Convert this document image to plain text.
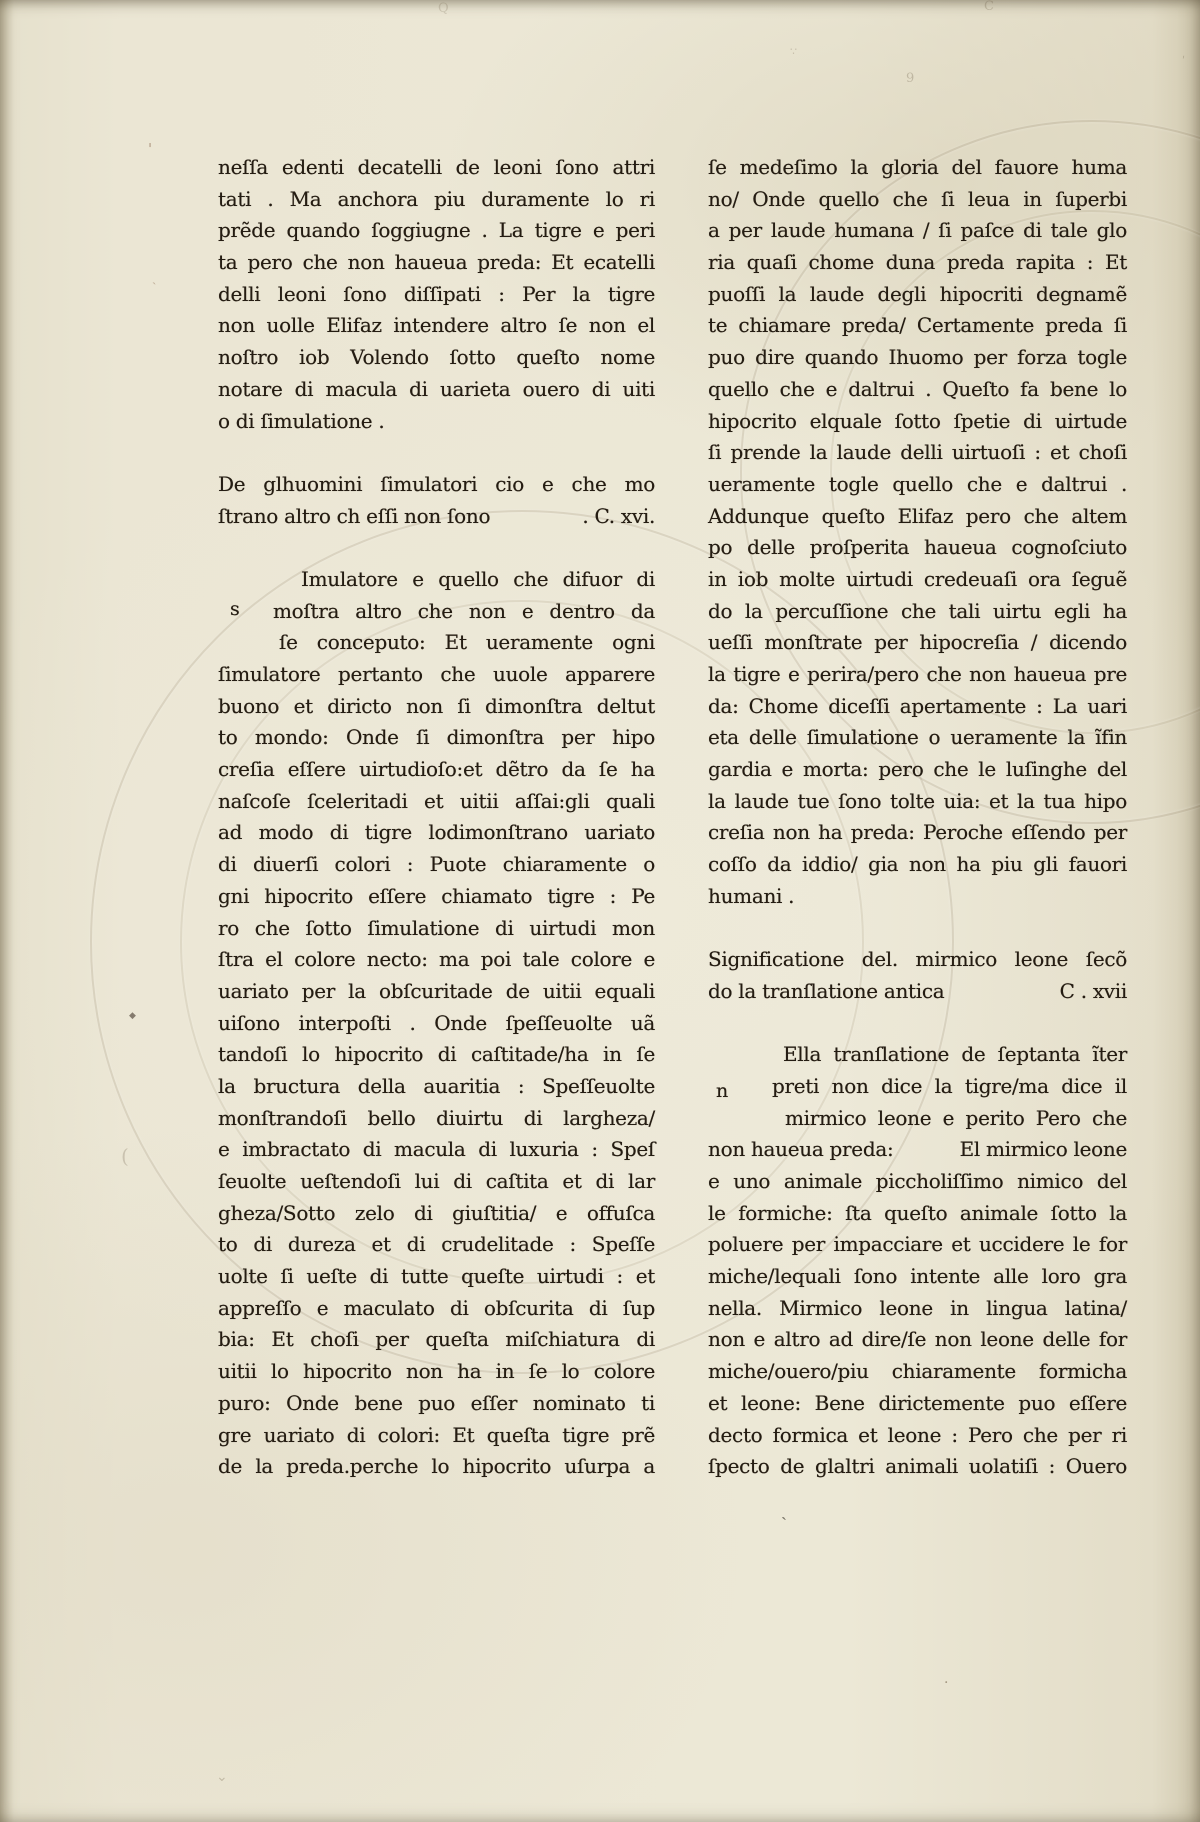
neſſa edenti decatelli de leoni ſono attri
tati . Ma anchora piu duramente lo ri
prẽde quando ſoggiugne . La tigre e peri
ta pero che non haueua preda: Et ecatelli
delli leoni ſono diſſipati : Per la tigre
non uolle Elifaz intendere altro ſe non el
noſtro iob Volendo ſotto queſto nome
notare di macula di uarieta ouero di uiti
o di ſimulatione .

De glhuomini ſimulatori cio e che mo
ſtrano altro ch eſſi non ſono	. C. xvi.

Imulatore e quello che difuor di
moſtra altro che non e dentro da
ſe conceputo: Et ueramente ogni
ſimulatore pertanto che uuole apparere
buono et diricto non ſi dimonſtra deltut
to mondo: Onde ſi dimonſtra per hipo
creſia eſſere uirtudioſo:et dẽtro da ſe ha
naſcoſe ſceleritadi et uitii aſſai:gli quali
ad modo di tigre lodimonſtrano uariato
di diuerſi colori : Puote chiaramente o
gni hipocrito eſſere chiamato tigre : Pe
ro che ſotto ſimulatione di uirtudi mon
ſtra el colore necto: ma poi tale colore e
uariato per la obſcuritade de uitii equali
uiſono interpoſti . Onde ſpeſſeuolte uã
tandoſi lo hipocrito di caſtitade/ha in ſe
la bructura della auaritia : Speſſeuolte
monſtrandoſi bello diuirtu di largheza/
e imbractato di macula di luxuria : Speſ
ſeuolte ueſtendoſi lui di caſtita et di lar
gheza/Sotto zelo di giuſtitia/ e offuſca
to di dureza et di crudelitade : Speſſe
uolte ſi ueſte di tutte queſte uirtudi : et
appreſſo e maculato di obſcurita di ſup
bia: Et choſi per queſta miſchiatura di
uitii lo hipocrito non ha in ſe lo colore
puro: Onde bene puo eſſer nominato ti
gre uariato di colori: Et queſta tigre prẽ
de la preda.perche lo hipocrito uſurpa a
ſe medeſimo la gloria del fauore huma
no/ Onde quello che ſi leua in ſuperbi
a per laude humana / ſi paſce di tale glo
ria quaſi chome duna preda rapita : Et
puoſſi la laude degli hipocriti degnamẽ
te chiamare preda/ Certamente preda ſi
puo dire quando Ihuomo per forza togle
quello che e daltrui . Queſto fa bene lo
hipocrito elquale ſotto ſpetie di uirtude
ſi prende la laude delli uirtuoſi : et choſi
ueramente togle quello che e daltrui .
Addunque queſto Elifaz pero che altem
po delle proſperita haueua cognoſciuto
in iob molte uirtudi credeuaſi ora ſeguẽ
do la percuſſione che tali uirtu egli ha
ueſſi monſtrate per hipocreſia / dicendo
la tigre e perira/pero che non haueua pre
da: Chome diceſſi apertamente : La uari
eta delle ſimulatione o ueramente la ĩfin
gardia e morta: pero che le luſinghe del
la laude tue ſono tolte uia: et la tua hipo
creſia non ha preda: Peroche eſſendo per
coſſo da iddio/ gia non ha piu gli fauori
humani .

Significatione del. mirmico leone ſecõ
do la tranſlatione antica	C . xvii

Ella tranſlatione de ſeptanta ĩter
preti non dice la tigre/ma dice il
mirmico leone e perito Pero che
non haueua preda:	El mirmico leone
e uno animale piccholiſſimo nimico del
le formiche: ſta queſto animale ſotto la
poluere per impacciare et uccidere le for
miche/lequali ſono intente alle loro gra
nella. Mirmico leone in lingua latina/
non e altro ad dire/ſe non leone delle for
miche/ouero/piu chiaramente formicha
et leone: Bene dirictemente puo eſſere
decto formica et leone : Pero che per ri
ſpecto de glaltri animali uolatiſi : Ouero
s
n
ꞌ
ˏ
◆
(
ˎ
9
C
Q
∵
·
⌄
ʹ
